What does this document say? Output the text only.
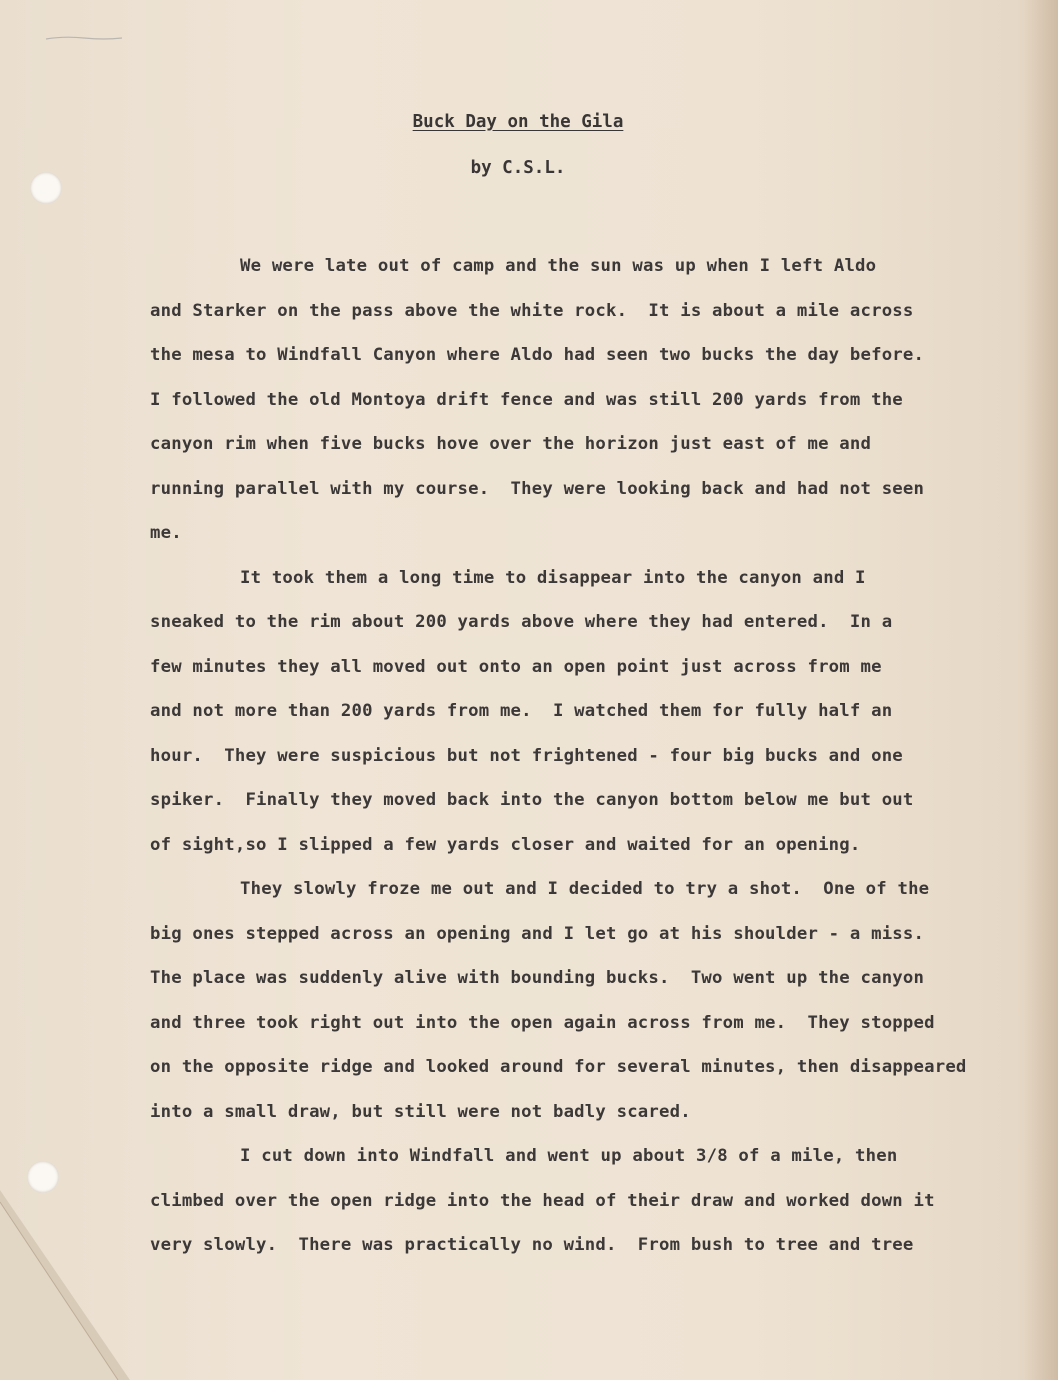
Buck Day on the Gila
by C.S.L.
We were late out of camp and the sun was up when I left Aldo
and Starker on the pass above the white rock.  It is about a mile across
the mesa to Windfall Canyon where Aldo had seen two bucks the day before.
I followed the old Montoya drift fence and was still 200 yards from the
canyon rim when five bucks hove over the horizon just east of me and
running parallel with my course.  They were looking back and had not seen
me.
It took them a long time to disappear into the canyon and I
sneaked to the rim about 200 yards above where they had entered.  In a
few minutes they all moved out onto an open point just across from me
and not more than 200 yards from me.  I watched them for fully half an
hour.  They were suspicious but not frightened - four big bucks and one
spiker.  Finally they moved back into the canyon bottom below me but out
of sight,so I slipped a few yards closer and waited for an opening.
They slowly froze me out and I decided to try a shot.  One of the
big ones stepped across an opening and I let go at his shoulder - a miss.
The place was suddenly alive with bounding bucks.  Two went up the canyon
and three took right out into the open again across from me.  They stopped
on the opposite ridge and looked around for several minutes, then disappeared
into a small draw, but still were not badly scared.
I cut down into Windfall and went up about 3/8 of a mile, then
climbed over the open ridge into the head of their draw and worked down it
very slowly.  There was practically no wind.  From bush to tree and tree
